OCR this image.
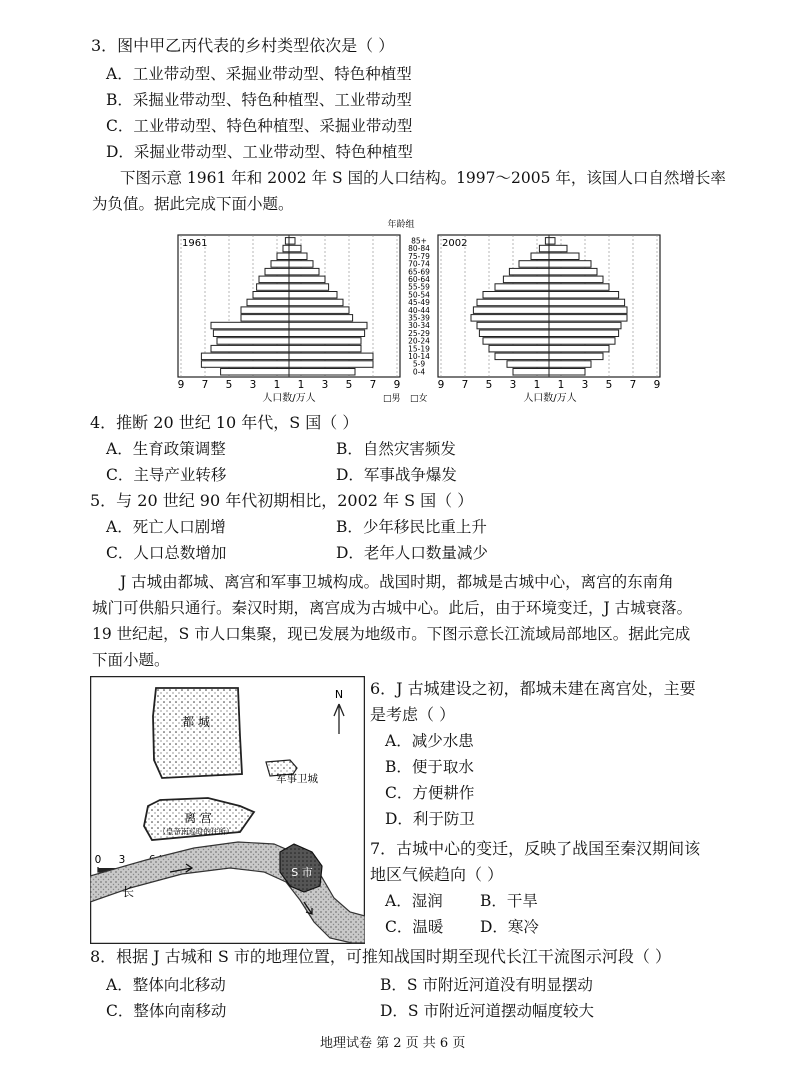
3．图中甲乙丙代表的乡村类型依次是（ ）
A．工业带动型、采掘业带动型、特色种植型
B．采掘业带动型、特色种植型、工业带动型
C．工业带动型、特色种植型、采掘业带动型
D．采掘业带动型、工业带动型、特色种植型
下图示意 1961 年和 2002 年 S 国的人口结构。1997～2005 年，该国人口自然增长率
为负值。据此完成下面小题。
年龄组
1961	2002
85+
80-84
75-79
70-74
65-69
60-64
55-59
50-54
45-49
40-44
35-39
30-34
25-29
20-24
15-19
10-14
5-9
0-4
9 7 5 3 1 1 3 5 7 9	9 7 5 3 1 1 3 5 7 9
人口数/万人	□男 □女	人口数/万人
4．推断 20 世纪 10 年代，S 国（ ）
A．生育政策调整	B．自然灾害频发
C．主导产业转移	D．军事战争爆发
5．与 20 世纪 90 年代初期相比，2002 年 S 国（ ）
A．死亡人口剧增	B．少年移民比重上升
C．人口总数增加	D．老年人口数量减少
J 古城由都城、离宫和军事卫城构成。战国时期，都城是古城中心，离宫的东南角
城门可供船只通行。秦汉时期，离宫成为古城中心。此后，由于环境变迁，J 古城衰落。
19 世纪起，S 市人口集聚，现已发展为地级市。下图示意长江流域局部地区。据此完成
下面小题。
都 城
N
军事卫城
离 宫
（皇帝南巡时的住所）
0 3
S 市
长
6．J 古城建设之初，都城未建在离宫处，主要
是考虑（ ）
A．减少水患
B．便于取水
C．方便耕作
D．利于防卫
7．古城中心的变迁，反映了战国至秦汉期间该
地区气候趋向（ ）
A．湿润 B．干旱
C．温暖 D．寒冷
8．根据 J 古城和 S 市的地理位置，可推知战国时期至现代长江干流图示河段（ ）
A．整体向北移动	B．S 市附近河道没有明显摆动
C．整体向南移动	D．S 市附近河道摆动幅度较大
地理试卷 第 2 页 共 6 页
